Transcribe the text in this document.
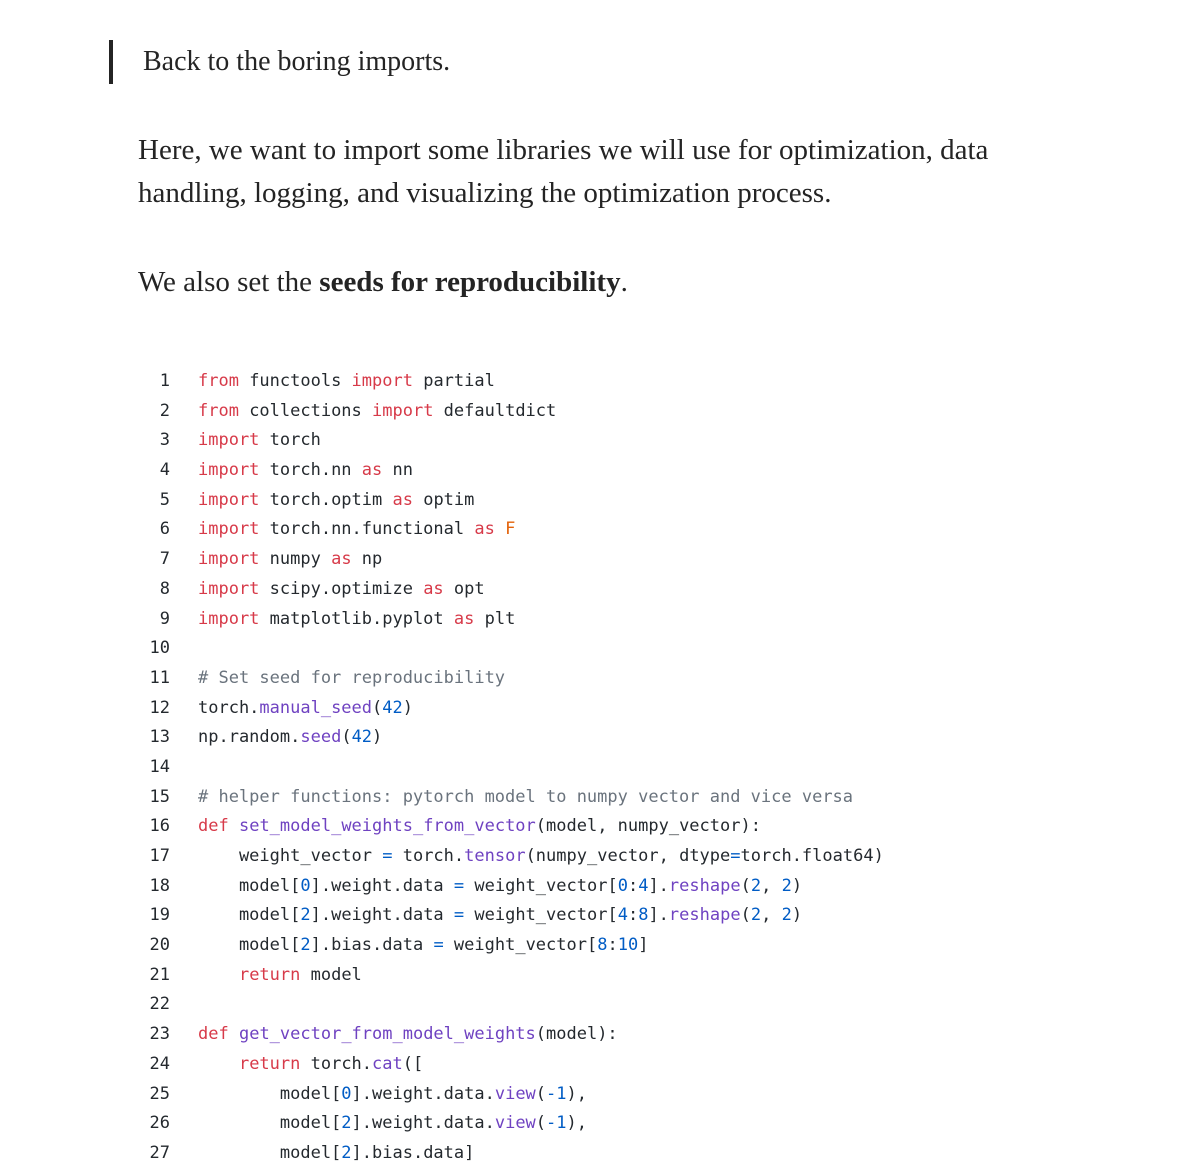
Back to the boring imports.

Here, we want to import some libraries we will use for optimization, data handling, logging, and visualizing the optimization process.

We also set the seeds for reproducibility.

1 from functools import partial
2 from collections import defaultdict
3 import torch
4 import torch.nn as nn
5 import torch.optim as optim
6 import torch.nn.functional as F
7 import numpy as np
8 import scipy.optimize as opt
9 import matplotlib.pyplot as plt
10
11 # Set seed for reproducibility
12 torch.manual_seed(42)
13 np.random.seed(42)
14
15 # helper functions: pytorch model to numpy vector and vice versa
16 def set_model_weights_from_vector(model, numpy_vector):
17 weight_vector = torch.tensor(numpy_vector, dtype=torch.float64)
18 model[0].weight.data = weight_vector[0:4].reshape(2, 2)
19 model[2].weight.data = weight_vector[4:8].reshape(2, 2)
20 model[2].bias.data = weight_vector[8:10]
21	return model
22
23 def get_vector_from_model_weights(model):
24	return torch.cat([
25 model[0].weight.data.view(-1),
26 model[2].weight.data.view(-1),
27 model[2].bias.data]
